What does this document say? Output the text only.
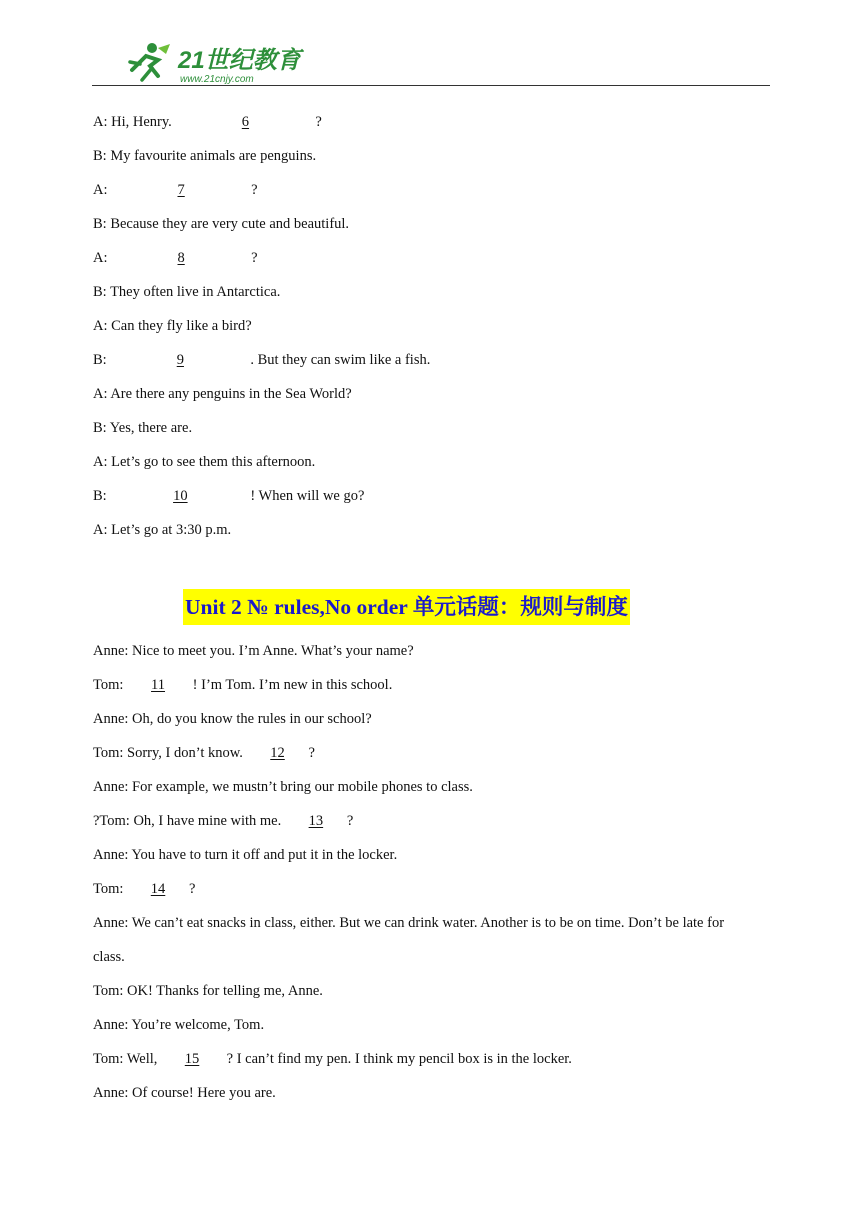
21世纪教育
www.21cnjy.com
A: Hi, Henry.	6	?
B: My favourite animals are penguins.
A:	7	?
B: Because they are very cute and beautiful.
A:	8	?
B: They often live in Antarctica.
A: Can they fly like a bird?
B:	9	. But they can swim like a fish.
A: Are there any penguins in the Sea World?
B: Yes, there are.
A: Let’s go to see them this afternoon.
B:	10	! When will we go?
A: Let’s go at 3:30 p.m.
Unit 2 № rules,No order 单元话题：规则与制度
Anne: Nice to meet you. I’m Anne. What’s your name?
Tom: 11 ! I’m Tom. I’m new in this school.
Anne: Oh, do you know the rules in our school?
Tom: Sorry, I don’t know. 12 ?
Anne: For example, we mustn’t bring our mobile phones to class.
?Tom: Oh, I have mine with me. 13 ?
Anne: You have to turn it off and put it in the locker.
Tom: 14 ?
Anne: We can’t eat snacks in class, either. But we can drink water. Another is to be on time. Don’t be late for
class.
Tom: OK! Thanks for telling me, Anne.
Anne: You’re welcome, Tom.
Tom: Well, 15 ? I can’t find my pen. I think my pencil box is in the locker.
Anne: Of course! Here you are.
